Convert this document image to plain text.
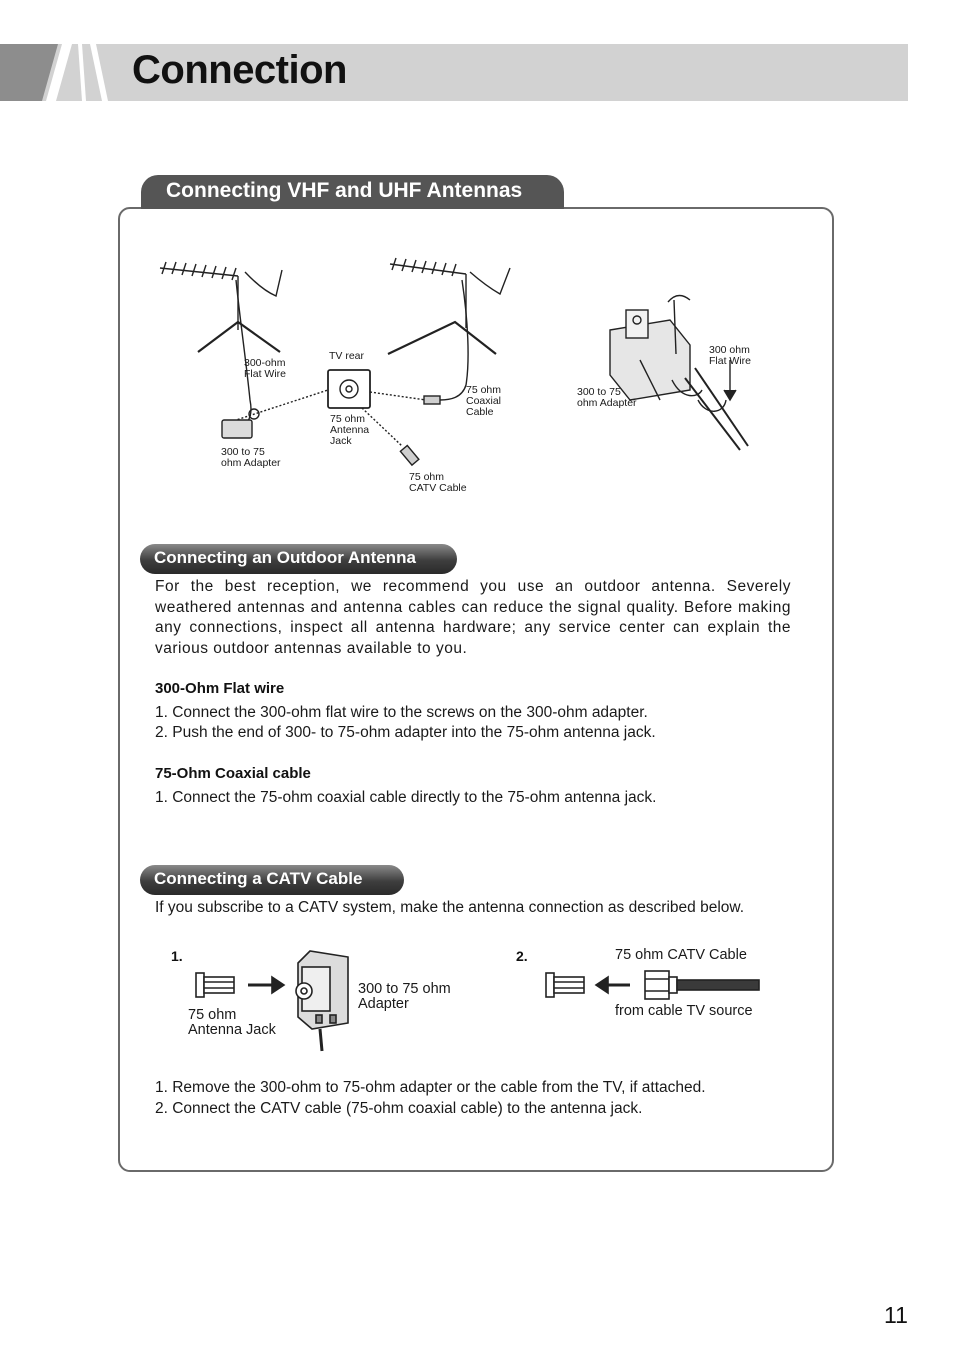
Connection
Connecting VHF and UHF Antennas
300-ohm
Flat Wire
TV rear
75 ohm
Antenna
Jack
75 ohm
Coaxial
Cable
300 to 75
ohm Adapter
75 ohm
CATV Cable
300 ohm
Flat Wire
300 to 75
ohm Adapter
Connecting an Outdoor Antenna
For the best reception, we recommend you use an outdoor antenna. Severely weathered antennas and antenna cables can reduce the signal quality. Before making any connections, inspect all antenna hardware; any service center can explain the various outdoor antennas available to you.
300-Ohm Flat wire
1. Connect the 300-ohm flat wire to the screws on the 300-ohm adapter.
2. Push the end of 300- to 75-ohm adapter into the 75-ohm antenna jack.
75-Ohm Coaxial cable
1. Connect the 75-ohm coaxial cable directly to the 75-ohm antenna jack.
Connecting a CATV Cable
If you subscribe to a CATV system, make the antenna connection as described below.
1.	2.
300 to 75 ohm
Adapter
75 ohm
Antenna Jack
75 ohm CATV Cable
from cable TV source
1. Remove the 300-ohm to 75-ohm adapter or the cable from the TV, if attached.
2. Connect the CATV cable (75-ohm coaxial cable) to the antenna jack.
11
